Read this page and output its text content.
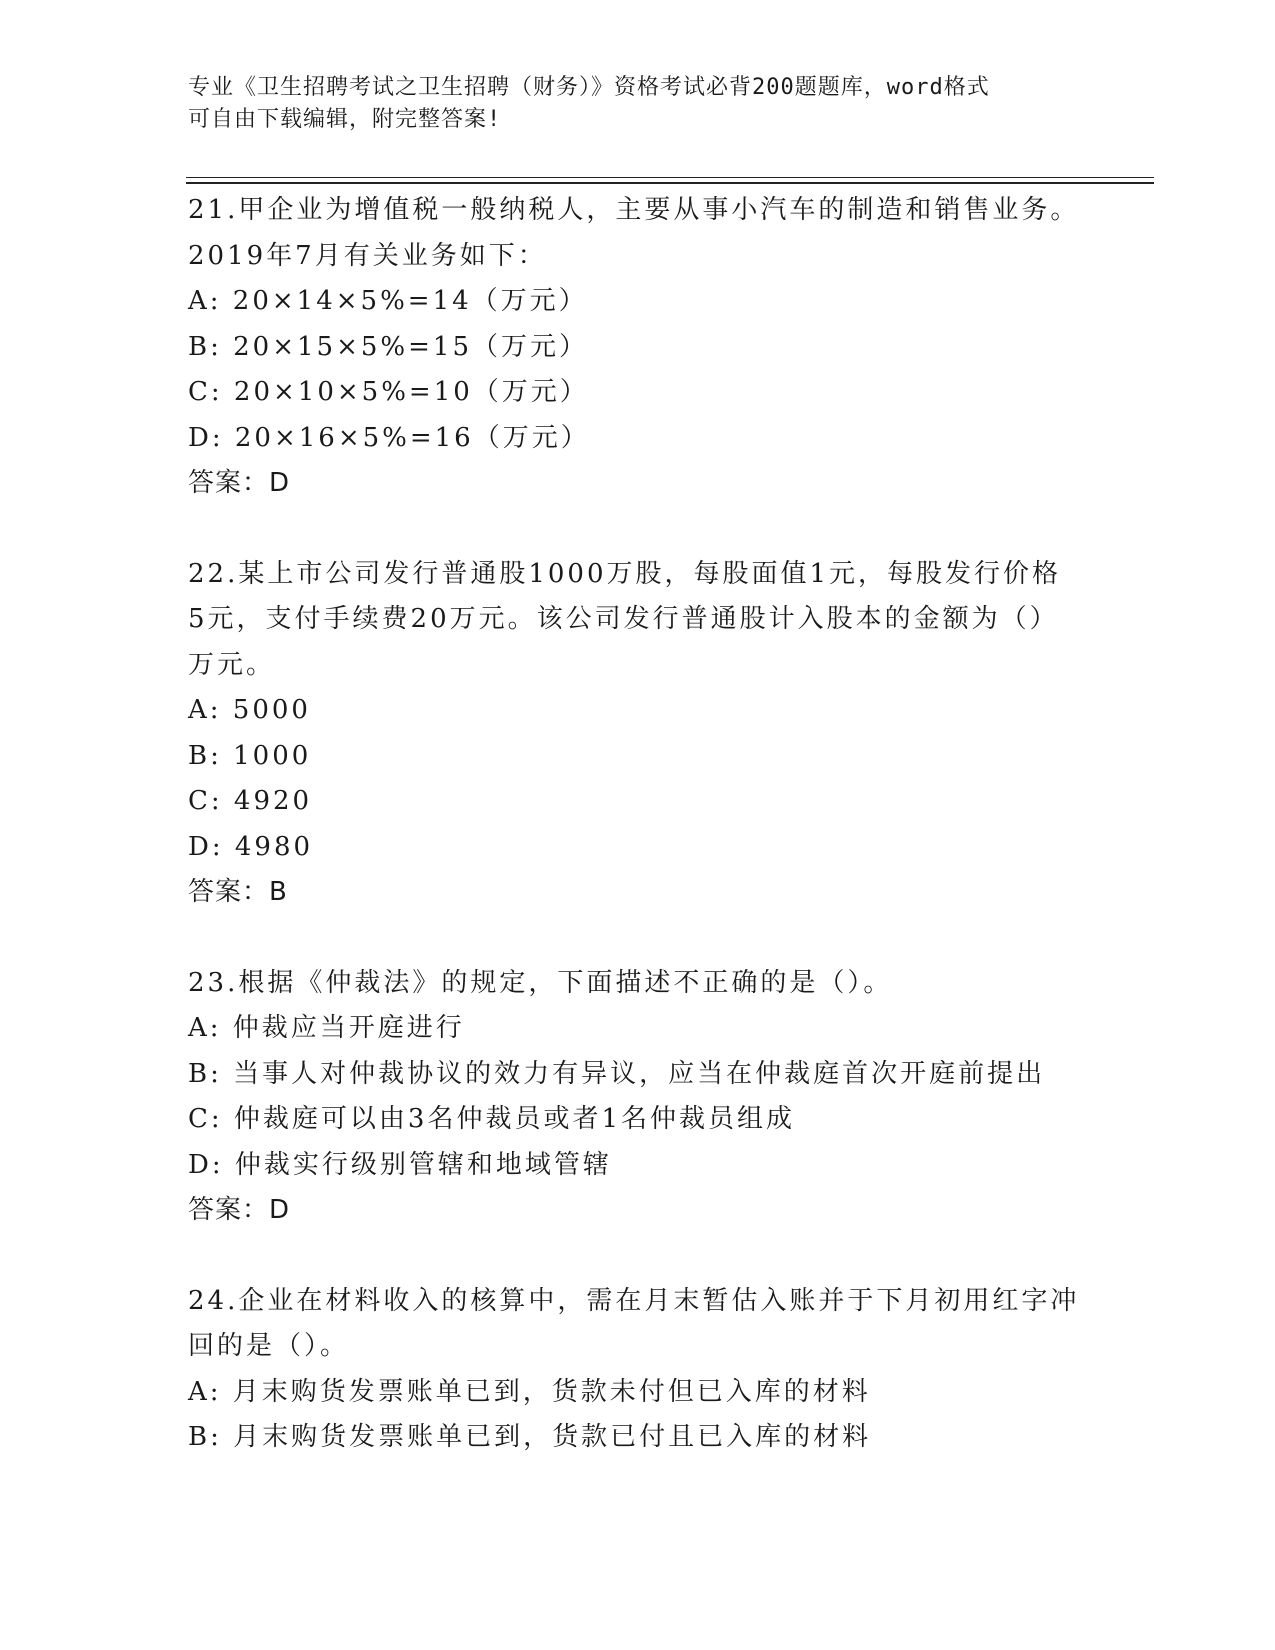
专业《卫生招聘考试之卫生招聘（财务）》资格考试必背200题题库，word格式
可自由下载编辑，附完整答案!
21.甲企业为增值税一般纳税人，主要从事小汽车的制造和销售业务。
2019年7月有关业务如下：
A: 20×14×5%=14（万元）
B: 20×15×5%=15（万元）
C: 20×10×5%=10（万元）
D: 20×16×5%=16（万元）
答案：D
22.某上市公司发行普通股1000万股，每股面值1元，每股发行价格
5元，支付手续费20万元。该公司发行普通股计入股本的金额为（）
万元。
A: 5000
B: 1000
C: 4920
D: 4980
答案：B
23.根据《仲裁法》的规定，下面描述不正确的是（）。
A: 仲裁应当开庭进行
B: 当事人对仲裁协议的效力有异议，应当在仲裁庭首次开庭前提出
C: 仲裁庭可以由3名仲裁员或者1名仲裁员组成
D: 仲裁实行级别管辖和地域管辖
答案：D
24.企业在材料收入的核算中，需在月末暂估入账并于下月初用红字冲
回的是（）。
A: 月末购货发票账单已到，货款未付但已入库的材料
B: 月末购货发票账单已到，货款已付且已入库的材料
